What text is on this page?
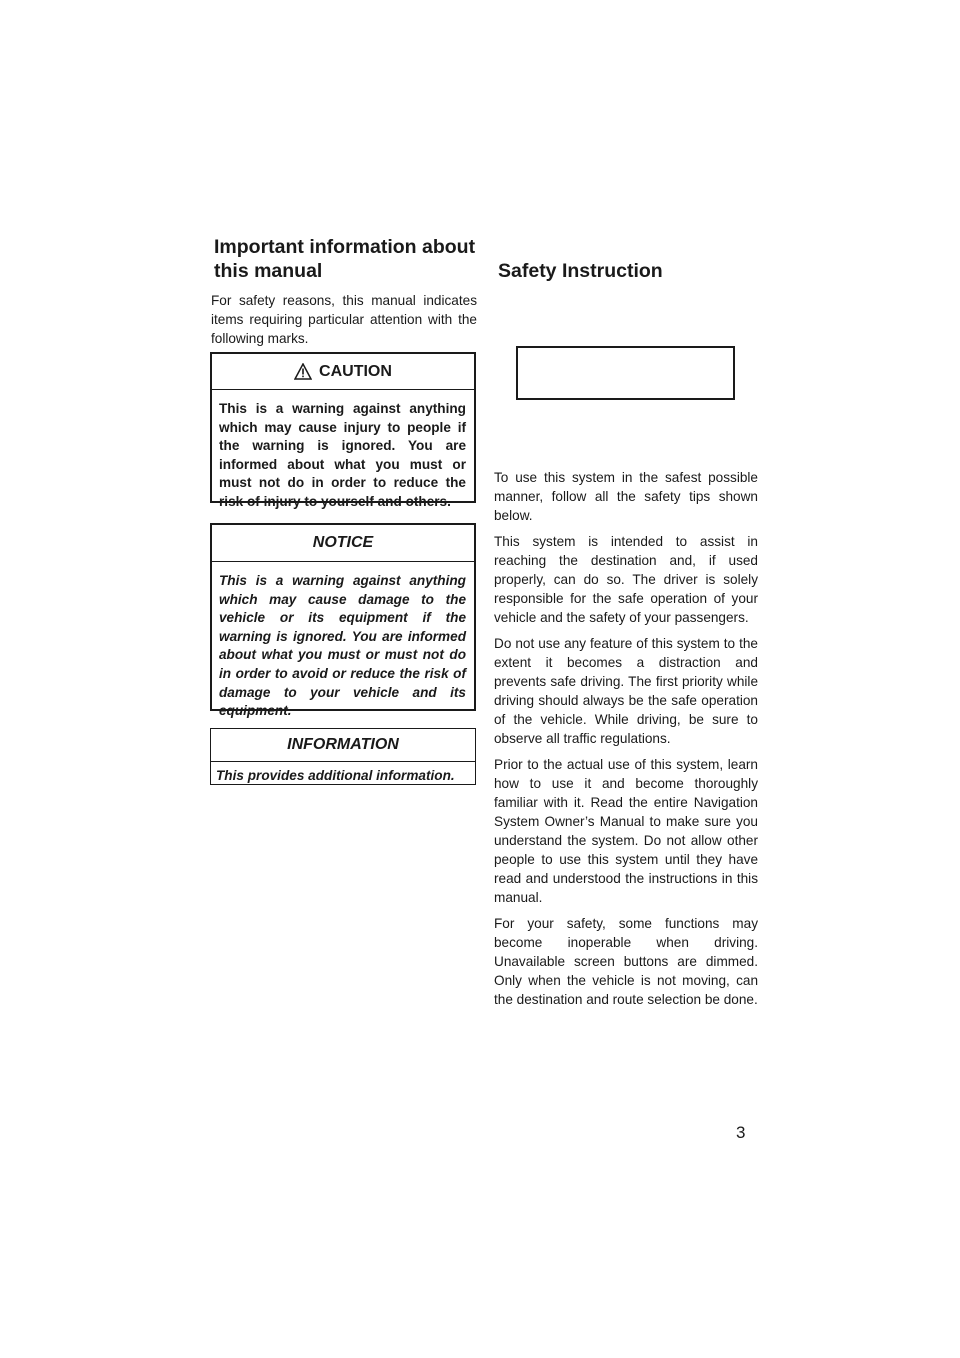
Important information about
this manual
For safety reasons, this manual indicates items requiring particular attention with the following marks.
CAUTION
This is a warning against anything which may cause injury to people if the warning is ignored. You are informed about what you must or must not do in order to reduce the risk of injury to yourself and others.
NOTICE
This is a warning against anything which may cause damage to the vehicle or its equipment if the warning is ignored. You are informed about what you must or must not do in order to avoid or reduce the risk of damage to your vehicle and its equipment.
INFORMATION
This provides additional information.
Safety Instruction

To use this system in the safest possible manner, follow all the safety tips shown below.

This system is intended to assist in reaching the destination and, if used properly, can do so. The driver is solely responsible for the safe operation of your vehicle and the safety of your passengers.

Do not use any feature of this system to the extent it becomes a distraction and prevents safe driving. The first priority while driving should always be the safe operation of the vehicle. While driving, be sure to observe all traffic regulations.

Prior to the actual use of this system, learn how to use it and become thoroughly familiar with it. Read the entire Navigation System Owner’s Manual to make sure you understand the system. Do not allow other people to use this system until they have read and understood the instructions in this manual.

For your safety, some functions may become inoperable when driving. Unavailable screen buttons are dimmed. Only when the vehicle is not moving, can the destination and route selection be done.

3
